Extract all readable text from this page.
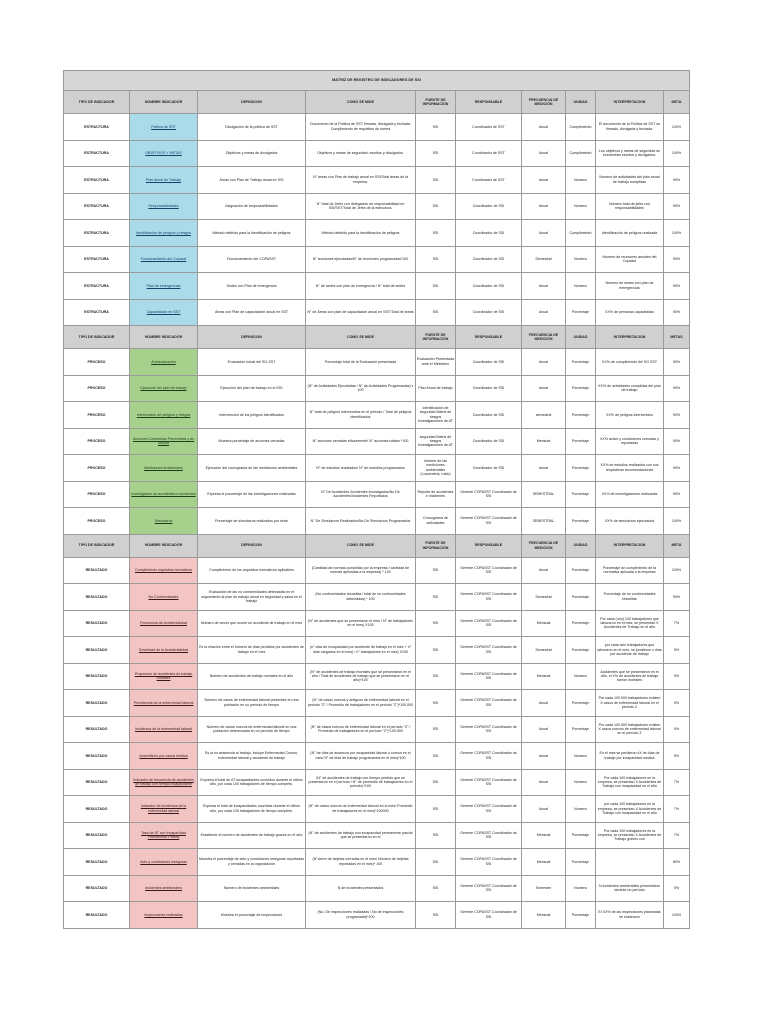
MATRIZ DE REGISTRO DE INDICADORES DE SSI									
TIPO DE INDICADOR	NOMBRE INDICADOR	DEFINICION	COMO SE MIDE	FUENTE DE INFORMACIÓN	RESPONSABLE	FRECUENCIA DE MEDICIÓN	UNIDAD	INTERPRETACION	META
ESTRUCTURA	Política de SST	Divulgación de la política de SST	Documento de la Política de SST firmada, divulgada y fechada. Cumplimiento de requisitos de norma	SSI	Coordinador de SST	Anual	Cumplimiento	El documento de la Política de SST se firmado, divulgada y fechada.	100%
ESTRUCTURA	OBJETIVOS Y METAS	Objetivos y metas de divulgados	Objetivos y metas de seguridad: escritos y divulgados.	SSI	Coordinador de SST	Anual	Cumplimiento	Los objetivos y metas de seguridad se encuentran escritos y divulgados.	100%
ESTRUCTURA	Plan Anual de Trabajo	Áreas con Plan de Trabajo anual en SSI	N° áreas con Plan de trabajo anual en SSI/Total áreas de la empresa.	SSI	Coordinador de SST	Anual	Numero	Numero de actividades del plan anual de trabajo cumplidas	90%
ESTRUCTURA	Responsabilidades	Asignación de responsabilidades	N° total de Jefes con delegación de responsabilidad en SSI/SST/Total de Jefes de la estructura.	SSI	Coordinador de SSI	Anual	Numero	Número total de jefes con responsabilidades	90%
ESTRUCTURA	Identificación de peligros y riesgos	Método definido para la identificación de peligros	Método definido para la identificación de peligros	SSI	Coordinador de SSI	Anual	Cumplimiento	Identificación de peligros realizada	100%
ESTRUCTURA	Funcionamiento del Copasst	Funcionamiento del COPASST	N° reuniones ejecutadas/N° de reuniones programadas*100	SSI	Coordinador de SSI	Semestral	Numero	Numero de reuniones anuales del Copasst	90%
ESTRUCTURA	Plan de emergencias	Sedes con Plan de emergencia	N° de sedes con plan de emergencia / N° total de sedes	SSI	Coordinador de SSI	Anual	Numero	Numero de sedes con plan de emergencias	90%
ESTRUCTURA	Capacitación en SST	Áreas con Plan de capacitación anual en SST	N° de Áreas con plan de capacitación anual en SST/Total de áreas	SSI	Coordinador de SSI	Anual	Porcentaje	XX% de personas capacitadas	90%
TIPO DE INDICADOR	NOMBRE INDICADOR	DEFINICION	COMO SE MIDE	FUENTE DE INFORMACIÓN	RESPONSABLE	FRECUENCIA DE MEDICIÓN	UNIDAD	INTERPRETACION	METAS
PROCESO	Autoevaluación	Evaluación inicial del SG-SST	Porcentaje total de la Evaluación presentada	Evaluación Presentada ante el Ministerio	Coordinador de SSI	Anual	Porcentaje	XX% de cumplimiento del SG SST	90%
PROCESO	Ejecución del plan de trabajo	Ejecución del plan de trabajo en el SGI	(N° de Actividades Ejecutadas / N° de Actividades Programadas) x 100	Plan Anual de trabajo	Coordinador de SSI	Anual	Porcentaje	XX% de actividades cumplidas del plan de trabajo	90%
PROCESO	Intervención de peligros y riesgos	Intervención de los peligros identificados	N° total de peligros intervenidos en el periodo / Total de peligros identificados	Identificación de seguridad Matriz de riesgos Investigaciones de AT	Coordinador de SSI	semestral	Porcentaje	XX% de peligros intervenidos	90%
PROCESO	Acciones Correctivas Preventivas y de Mejora	Muestra porcentaje de acciones cerradas	N° acciones cerradas eficazmente/ N° acciones totales *100	seguridad Matriz de riesgos Investigaciones de AT	Coordinador de SSI	Mensual	Porcentaje	XX% activo y condiciones cerradas y reportadas	90%
PROCESO	Mediciones Ambientales	Ejecución del cronograma de las mediciones ambientales	N° de estudios realizados/ N° de estudios programados	Informe de las mediciones ambientales (Luxometria, ruido)	Coordinador de SSI	Anual	Porcentaje	XX% de estudios realizados con sus respectivas recomendaciones	90%
PROCESO	Investigación de accidentes e incidentes	Expresa el porcentaje de las investigaciones realizadas	N° De Accidentes /Incidentes investigados/No De Accidentes/Incidentes Reportados	Reporte de accidentes e incidentes	Gerente COPASST Coordinador de SSI	SEMESTRAL	Porcentaje	XX% de investigaciones realizadas	90%
PROCESO	Simulacros	Porcentaje de simulacros realizados por sede	N° De Simulacros Realizados/No De Simulacros Programados	Cronograma de actividades	Gerente COPASST Coordinador de SSI	SEMESTRAL	Porcentaje	XX% de simulacros ejecutados	100%
TIPO DE INDICADOR	NOMBRE INDICADOR	DEFINICION	COMO SE MIDE	FUENTE DE INFORMACIÓN	RESPONSABLE	FRECUENCIA DE MEDICIÓN	UNIDAD	INTERPRETACION	META
RESULTADO	Cumplimiento requisitos normativos	Cumplimiento de los requisitos normativos aplicables	(Cantidad de normas cumplidas por la empresa / cantidad de normas aplicadas a la empresa) * 100	SSI	Gerente COPASST Coordinador de SSI	Anual	Porcentaje	Porcentaje de cumplimiento de la normativa aplicada a la empresa	100%
RESULTADO	No Conformidades	Evaluación de las no conformidades detectadas en el seguimiento al plan de trabajo anual en seguridad y salud en el trabajo	(No conformidades resueltas / total de no conformidades detectadas) * 100	SSI	Gerente COPASST Coordinador de SSI	Semestral	Porcentaje	Porcentaje de no conformidades resueltas	90%
RESULTADO	Frecuencia de Accidentalidad	Número de veces que ocurre un accidente de trabajo en el mes	(N° de accidentes que se presentaron el mes / N° de trabajadores en el mes) X100	SSI	Gerente COPASST Coordinador de SSI	Mensual	Porcentaje	Por cada (uno) 100 trabajadores que laboraron en el mes, se presentan X Accidentes de Trabajo en el año	7%
RESULTADO	Severidad de la Accidentalidad	Es la relación entre el número de días perdidos por accidentes de trabajo en el mes	(n° días de incapacidad por accidente de trabajo en el mes + n° días cargados en el mes) / n° trabajadores en el mes) X100	SSI	Gerente COPASST Coordinador de SSI	Semestral	Porcentaje	por cada cien trabajadores que laboraron en el mes, se perdieron x días por accidente de trabajo	5%
RESULTADO	Proporción de accidentes de trabajo mortales	Número de accidentes de trabajo mortales en el año	(N° de accidentes de trabajo mortales que se presentaron en el año / Total de accidentes de trabajo que se presentaron en el año)*100	SSI	Gerente COPASST Coordinador de SSI	Mensual	Numero	Accidentes que se presentaron en el año, el X% de accidentes de trabajo fueron mortales	0%
RESULTADO	Prevalencia de la enfermedad laboral	Número de casos de enfermedad laboral presentes en una población en un periodo de tiempo	(N° de casos nuevos y antiguos de enfermedad laboral en el periodo "Z" / Promedio de trabajadores en el periodo "Z")*100.000	SSI	Gerente COPASST Coordinador de SSI	Anual	Porcentaje	Por cada 100.000 trabajadores existen X casos de enfermedad laboral en el periodo Z	0%
RESULTADO	Incidencia de la enfermedad laboral	Número de casos nuevos de enfermedad laboral en una población determinada en un período de tiempo	(N° de casos nuevos de enfermedad laboral en el período "Z" / Promedio de trabajadores en el período "Z")*100.000	SSI	Gerente COPASST Coordinador de SSI	Anual	Porcentaje	Por cada 100.000 trabajadores existen X casos nuevos de enfermedad laboral en el período Z	0%
RESULTADO	Ausentismo por causa medica	Es la no asistencia al trabajo, incluye Enfermedad Común, enfermedad laboral y accidente de trabajo	(N° de días de ausencia por incapacidad laboral o común en el mes/ N° de días de trabajo programados en el mes)*100	SSI	Gerente COPASST Coordinador de SSI	Anual	Numero	En el mes se perdieron xX de días de trabajo por incapacidad medica	5%
RESULTADO	Indicador de frecuencia de accidentes de trabajo con tiempo incapacitante	Expresa el total de AT incapacitantes ocurridos durante el último año, por cada 100 trabajadores de tiempo completo.	(N° de accidentes de trabajo con tiempo perdido que se presentaron en el período / N° de promedio de trabajadores en el período)*100	SSI	Gerente COPASST Coordinador de SSI	Anual	Numero	Por cada 100 trabajadores en la empresa, se presentan X Accidentes de Trabajo con incapacidad en el año	7%
RESULTADO	Indicador de incidencia de la enfermedad laboral	Expresa el total de incapacidades ocurridas durante el último año, por cada 100 trabajadores de tiempo completo.	(N° de casos nuevos de enfermedad laboral en el mes/ Promedio de trabajadores en el mes)*100000	SSI	Gerente COPASST Coordinador de SSI	Anual	Numero	por cada 100 trabajadores en la empresa, se presentan X Accidentes de Trabajo con incapacidad en el año	7%
RESULTADO	Tasa de AT con Incapacidad Permanente Parcial	Establecer el número de accidentes de trabajo graves en el año	(N° de accidentes de trabajo con incapacidad permanente parcial que se presentaron en el	SSI	Gerente COPASST Coordinador de SSI	Mensual	Porcentaje	Por cada 100 trabajadores en la empresa, se presentan X Accidentes de Trabajo graves con	7%
RESULTADO	Acto y condiciones inseguras	Muestra el porcentaje de acto y condiciones inseguras reportadas y cerradas en la organización	(N°cierre de tarjetas cerradas en el mes/ Número de tarjetas reportadas en el mes)* 100	SSI	Gerente COPASST Coordinador de SSI	Mensual	Porcentaje		80%
RESULTADO	Incidentes ambientales	Numero de incidentes ambientales	N de incidentes presentados	SSI	Gerente COPASST Coordinador de SSI	Semestre	Numero	N incidentes ambientales presentados durante un período	0%
RESULTADO	Inspecciones realizadas	Muestra el porcentaje de inspecciones	(No. De inspecciones realizadas / No de inspecciones programada)*100	SSI	Gerente COPASST Coordinador de SSI	Mensual	Porcentaje	El XX% de las inspecciones planeadas se realizaron	100%
